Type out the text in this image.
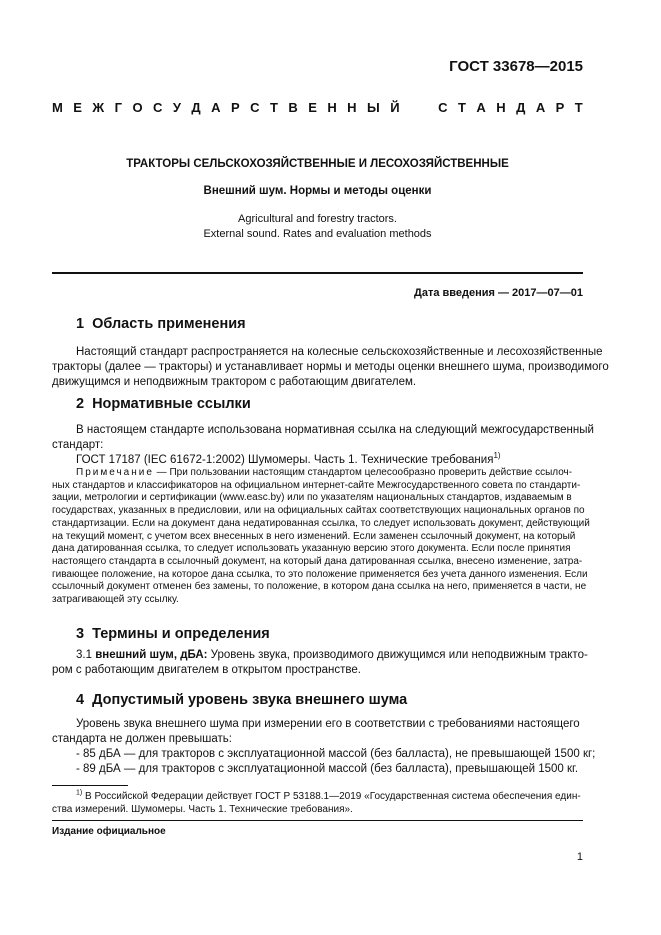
ГОСТ 33678—2015
М Е Ж Г О С У Д А Р С Т В Е Н Н Ы Й

	С Т А Н Д А Р Т
ТРАКТОРЫ СЕЛЬСКОХОЗЯЙСТВЕННЫЕ И ЛЕСОХОЗЯЙСТВЕННЫЕ
Внешний шум. Нормы и методы оценки
Agricultural and forestry tractors.
External sound. Rates and evaluation methods
Дата введения — 2017—07—01
1 Область применения
Настоящий стандарт распространяется на колесные сельскохозяйственные и лесохозяйственные
тракторы (далее — тракторы) и устанавливает нормы и методы оценки внешнего шума, производимого
движущимся и неподвижным трактором с работающим двигателем.
2 Нормативные ссылки
В настоящем стандарте использована нормативная ссылка на следующий межгосударственный
стандарт:
ГОСТ 17187 (IEC 61672-1:2002) Шумомеры. Часть 1. Технические требования$^{1)}$
Примечание — При пользовании настоящим стандартом целесообразно проверить действие ссылоч-
ных стандартов и классификаторов на официальном интернет-сайте Межгосударственного совета по стандарти-
зации, метрологии и сертификации (www.easc.by) или по указателям национальных стандартов, издаваемым в
государствах, указанных в предисловии, или на официальных сайтах соответствующих национальных органов по
стандартизации. Если на документ дана недатированная ссылка, то следует использовать документ, действующий
на текущий момент, с учетом всех внесенных в него изменений. Если заменен ссылочный документ, на который
дана датированная ссылка, то следует использовать указанную версию этого документа. Если после принятия
настоящего стандарта в ссылочный документ, на который дана датированная ссылка, внесено изменение, затра-
гивающее положение, на которое дана ссылка, то это положение применяется без учета данного изменения. Если
ссылочный документ отменен без замены, то положение, в котором дана ссылка на него, применяется в части, не
затрагивающей эту ссылку.
3 Термины и определения
3.1 внешний шум, дБА: Уровень звука, производимого движущимся или неподвижным тракто-
ром с работающим двигателем в открытом пространстве.
4 Допустимый уровень звука внешнего шума
Уровень звука внешнего шума при измерении его в соответствии с требованиями настоящего
стандарта не должен превышать:
- 85 дБА — для тракторов с эксплуатационной массой (без балласта), не превышающей 1500 кг;
- 89 дБА — для тракторов с эксплуатационной массой (без балласта), превышающей 1500 кг.
$^{1)}$ В Российской Федерации действует ГОСТ Р 53188.1—2019 «Государственная система обеспечения един-
ства измерений. Шумомеры. Часть 1. Технические требования».
Издание официальное
1
